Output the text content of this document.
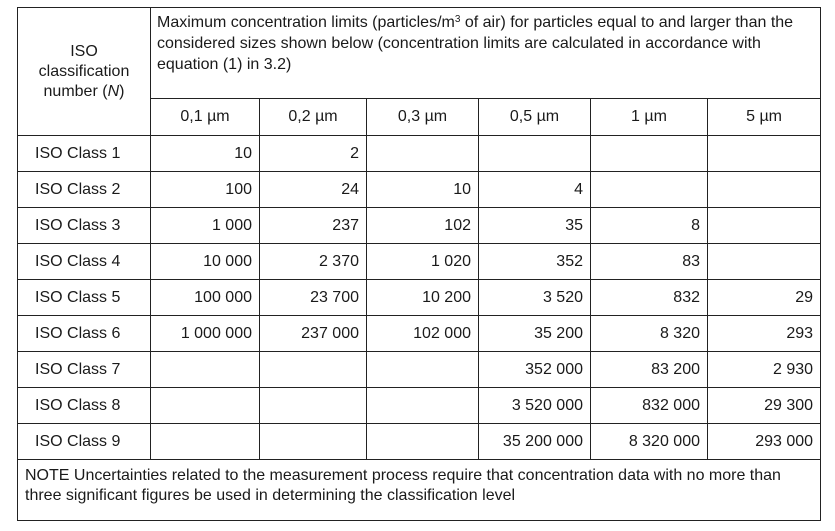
ISO
classification
number (N)	Maximum concentration limits ($particles/m^3$ of air) for particles equal to and larger than the considered sizes shown below (concentration limits are calculated in accordance with equation (1) in 3.2)					
	0,1 µm	0,2 µm	0,3 µm	0,5 µm	1 µm	5 µm
ISO Class 1	10	2				
ISO Class 2	100	24	10	4		
ISO Class 3	1 000	237	102	35	8	
ISO Class 4	10 000	2 370	1 020	352	83	
ISO Class 5	100 000	23 700	10 200	3 520	832	29
ISO Class 6	1 000 000	237 000	102 000	35 200	8 320	293
ISO Class 7				352 000	83 200	2 930
ISO Class 8				3 520 000	832 000	29 300
ISO Class 9				35 200 000	8 320 000	293 000
NOTE Uncertainties related to the measurement process require that concentration data with no more than three significant figures be used in determining the classification level						
